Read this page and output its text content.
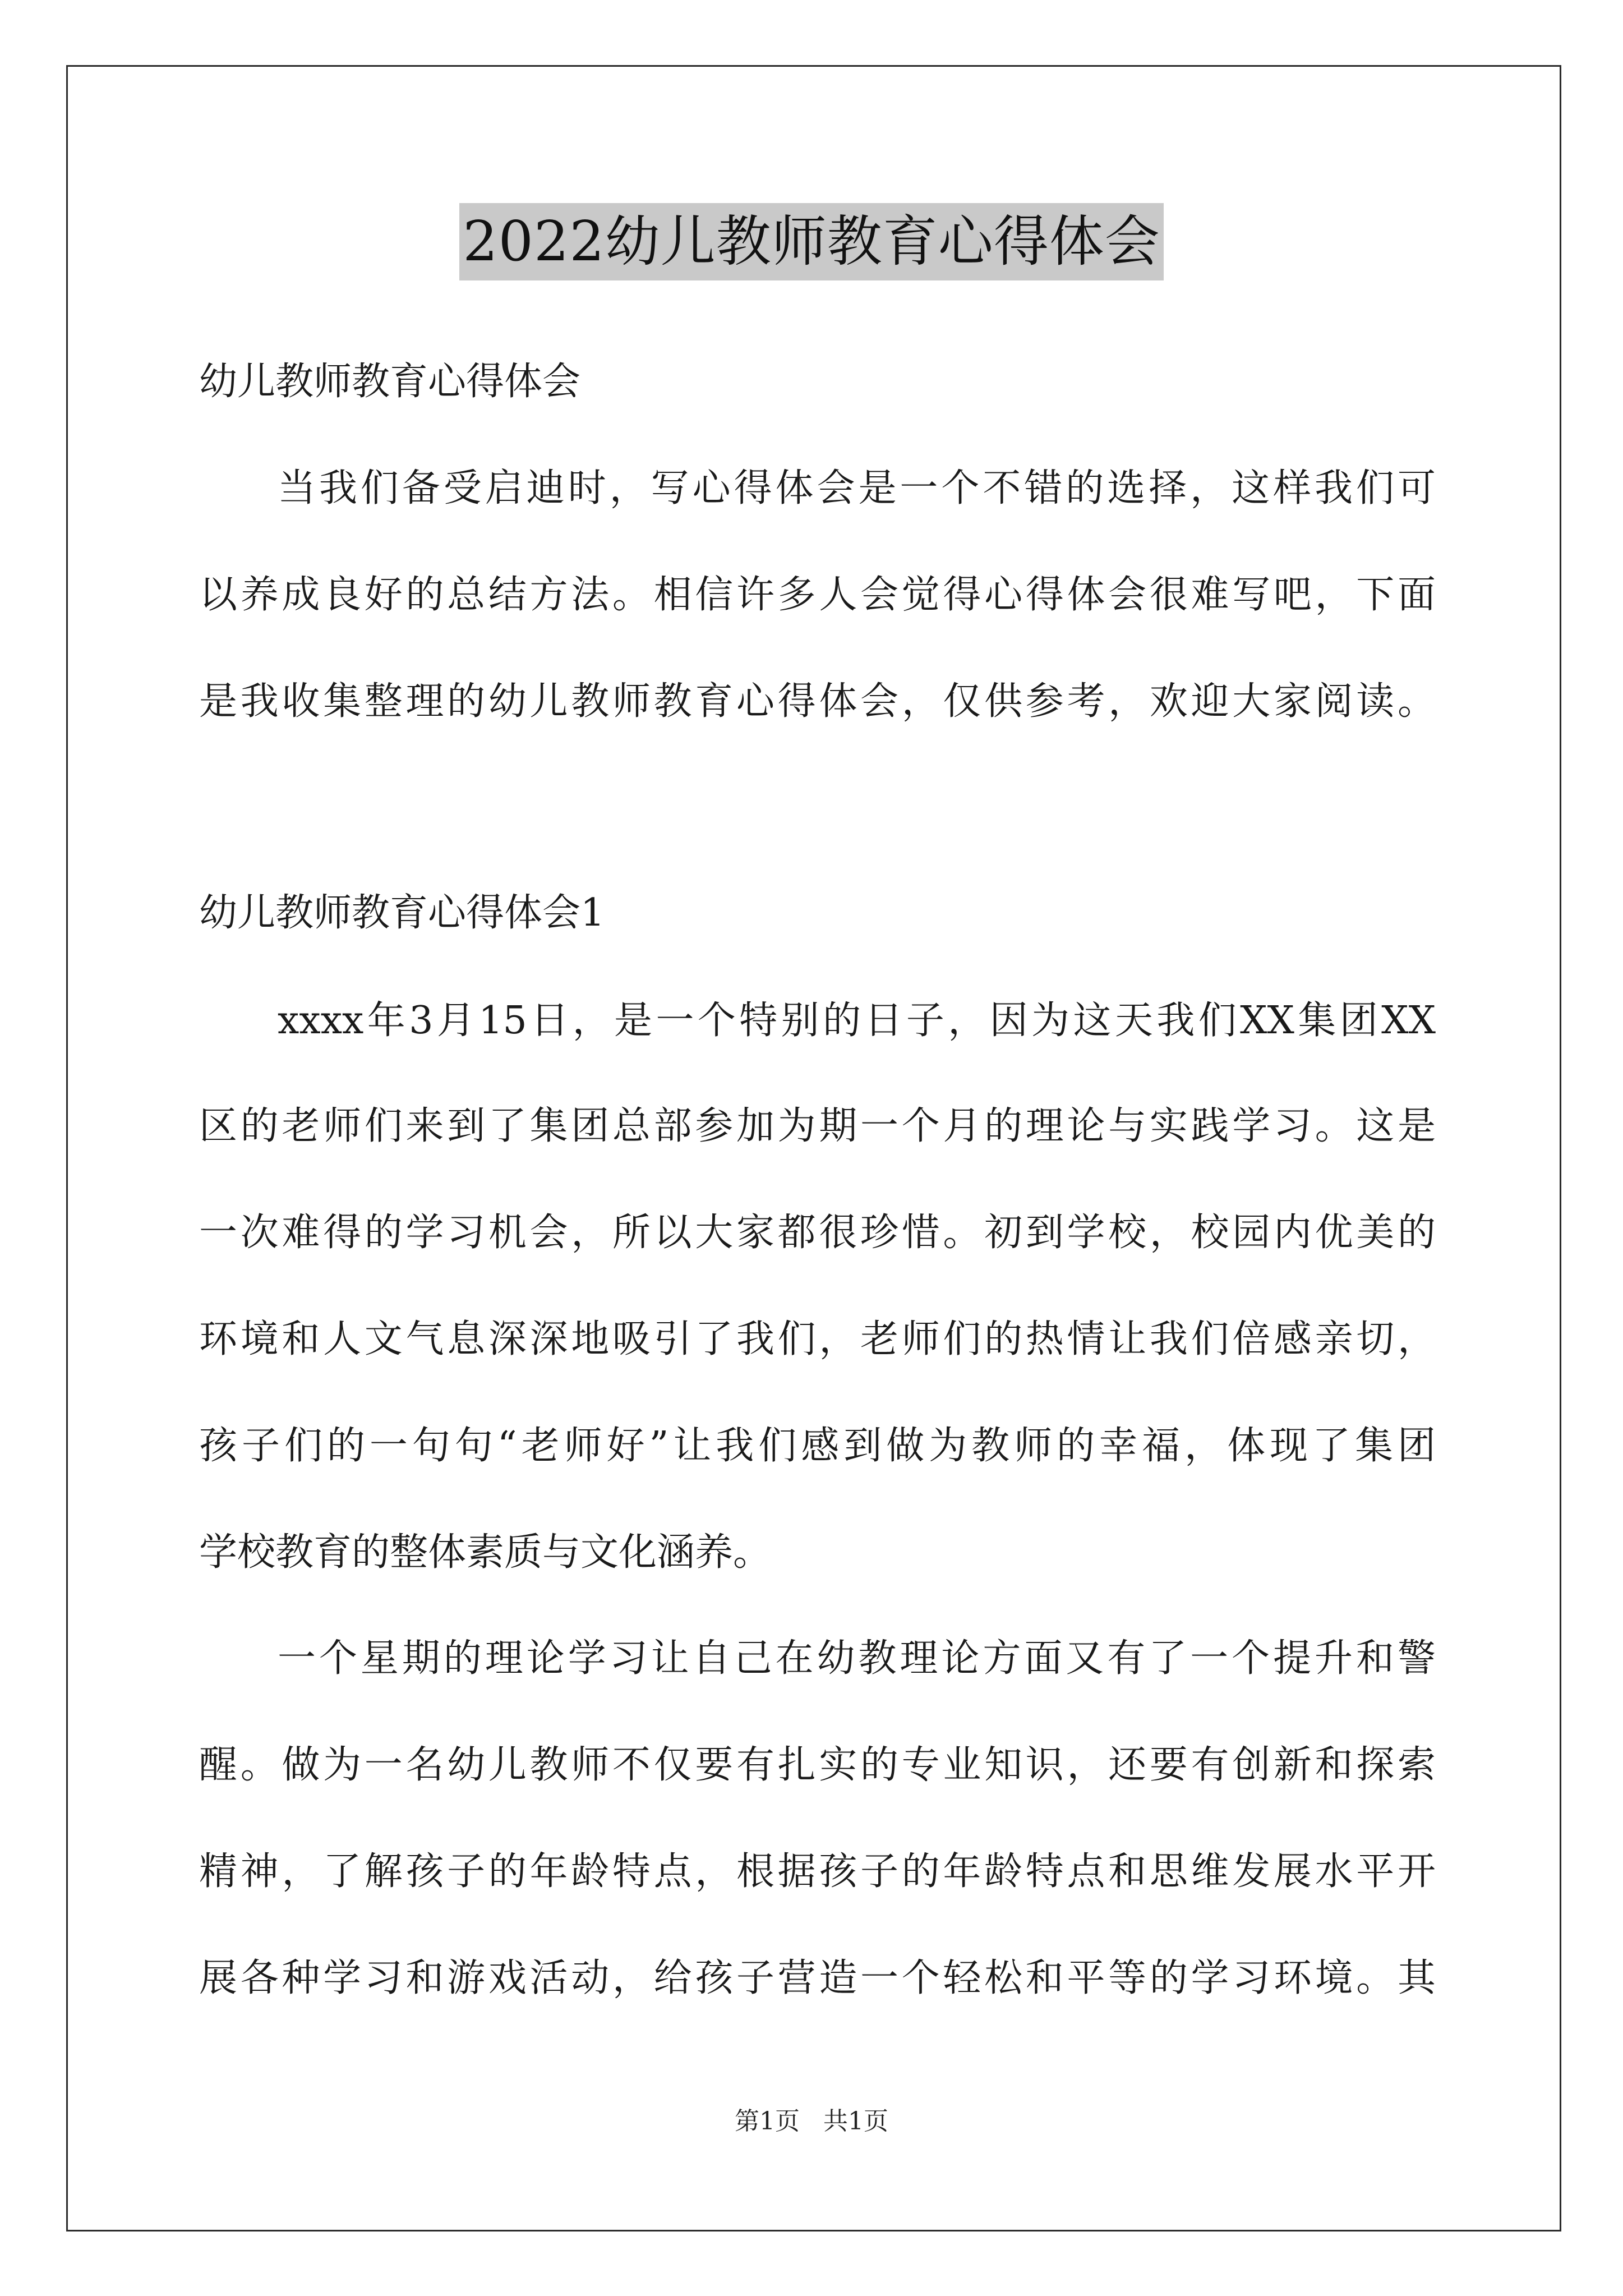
2022幼儿教师教育心得体会
幼儿教师教育心得体会
当我们备受启迪时，写心得体会是一个不错的选择，这样我们可
以养成良好的总结方法。相信许多人会觉得心得体会很难写吧，下面
是我收集整理的幼儿教师教育心得体会，仅供参考，欢迎大家阅读。
幼儿教师教育心得体会1
xxxx年3月15日，是一个特别的日子，因为这天我们XX集团XX
区的老师们来到了集团总部参加为期一个月的理论与实践学习。这是
一次难得的学习机会，所以大家都很珍惜。初到学校，校园内优美的
环境和人文气息深深地吸引了我们，老师们的热情让我们倍感亲切，
孩子们的一句句“老师好”让我们感到做为教师的幸福，体现了集团
学校教育的整体素质与文化涵养。
一个星期的理论学习让自己在幼教理论方面又有了一个提升和警
醒。做为一名幼儿教师不仅要有扎实的专业知识，还要有创新和探索
精神，了解孩子的年龄特点，根据孩子的年龄特点和思维发展水平开
展各种学习和游戏活动，给孩子营造一个轻松和平等的学习环境。其
第1页   共1页
